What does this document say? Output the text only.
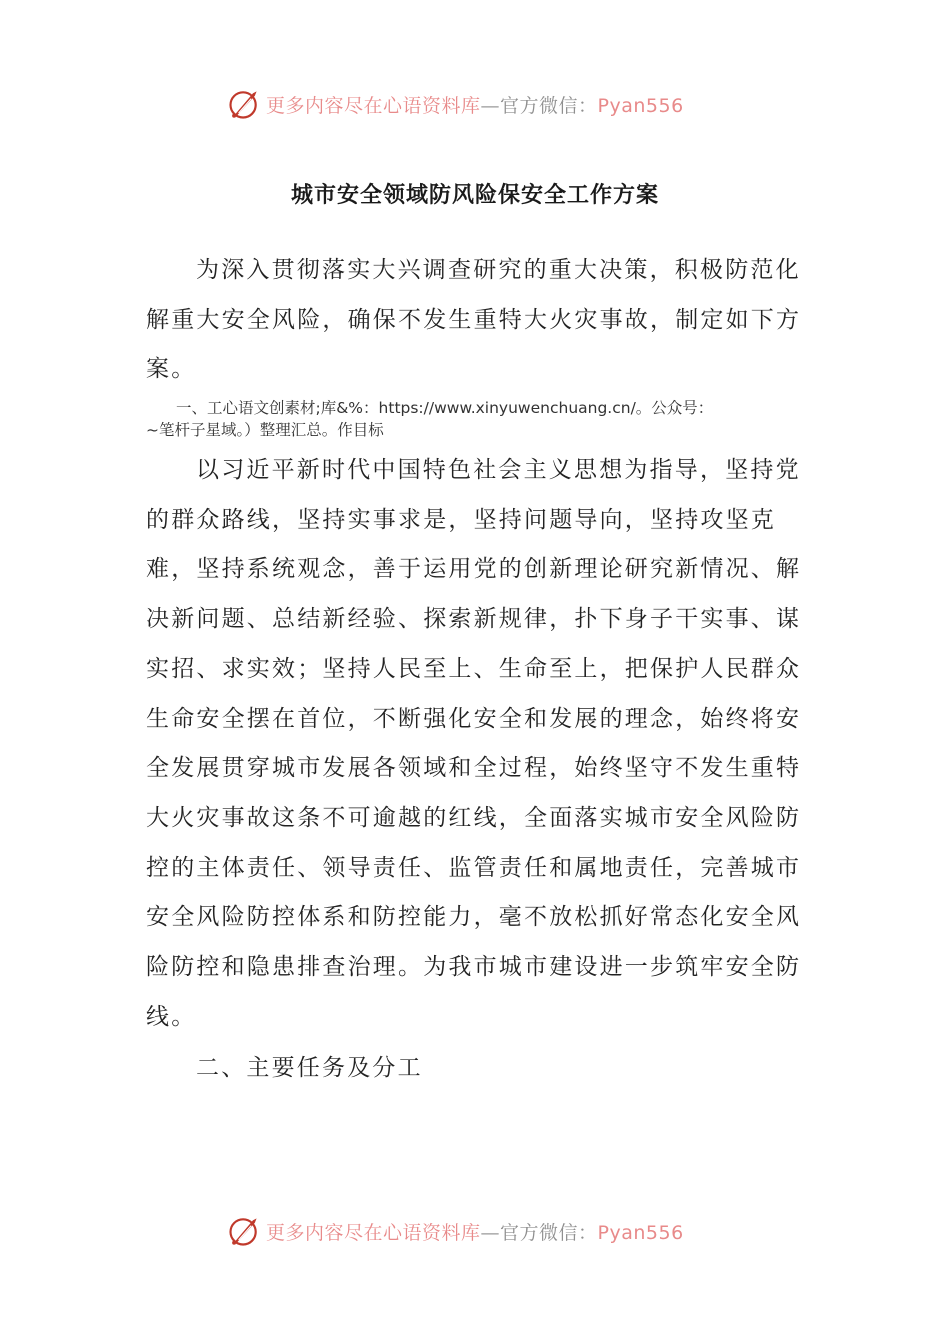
更多内容尽在心语资料库—官方微信：Pyan556
城市安全领域防风险保安全工作方案

为深入贯彻落实大兴调查研究的重大决策，积极防范化解重大安全风险，确保不发生重特大火灾事故，制定如下方案。

一、工心语文创素材;库&%：https://www.xinyuwenchuang.cn/。公众号：
~笔杆子星域。）整理汇总。作目标

以习近平新时代中国特色社会主义思想为指导，坚持党的群众路线，坚持实事求是，坚持问题导向，坚持攻坚克难，坚持系统观念，善于运用党的创新理论研究新情况、解决新问题、总结新经验、探索新规律，扑下身子干实事、谋实招、求实效；坚持人民至上、生命至上，把保护人民群众生命安全摆在首位，不断强化安全和发展的理念，始终将安全发展贯穿城市发展各领域和全过程，始终坚守不发生重特大火灾事故这条不可逾越的红线，全面落实城市安全风险防控的主体责任、领导责任、监管责任和属地责任，完善城市安全风险防控体系和防控能力，毫不放松抓好常态化安全风险防控和隐患排查治理。为我市城市建设进一步筑牢安全防线。

二、主要任务及分工

更多内容尽在心语资料库—官方微信：Pyan556
